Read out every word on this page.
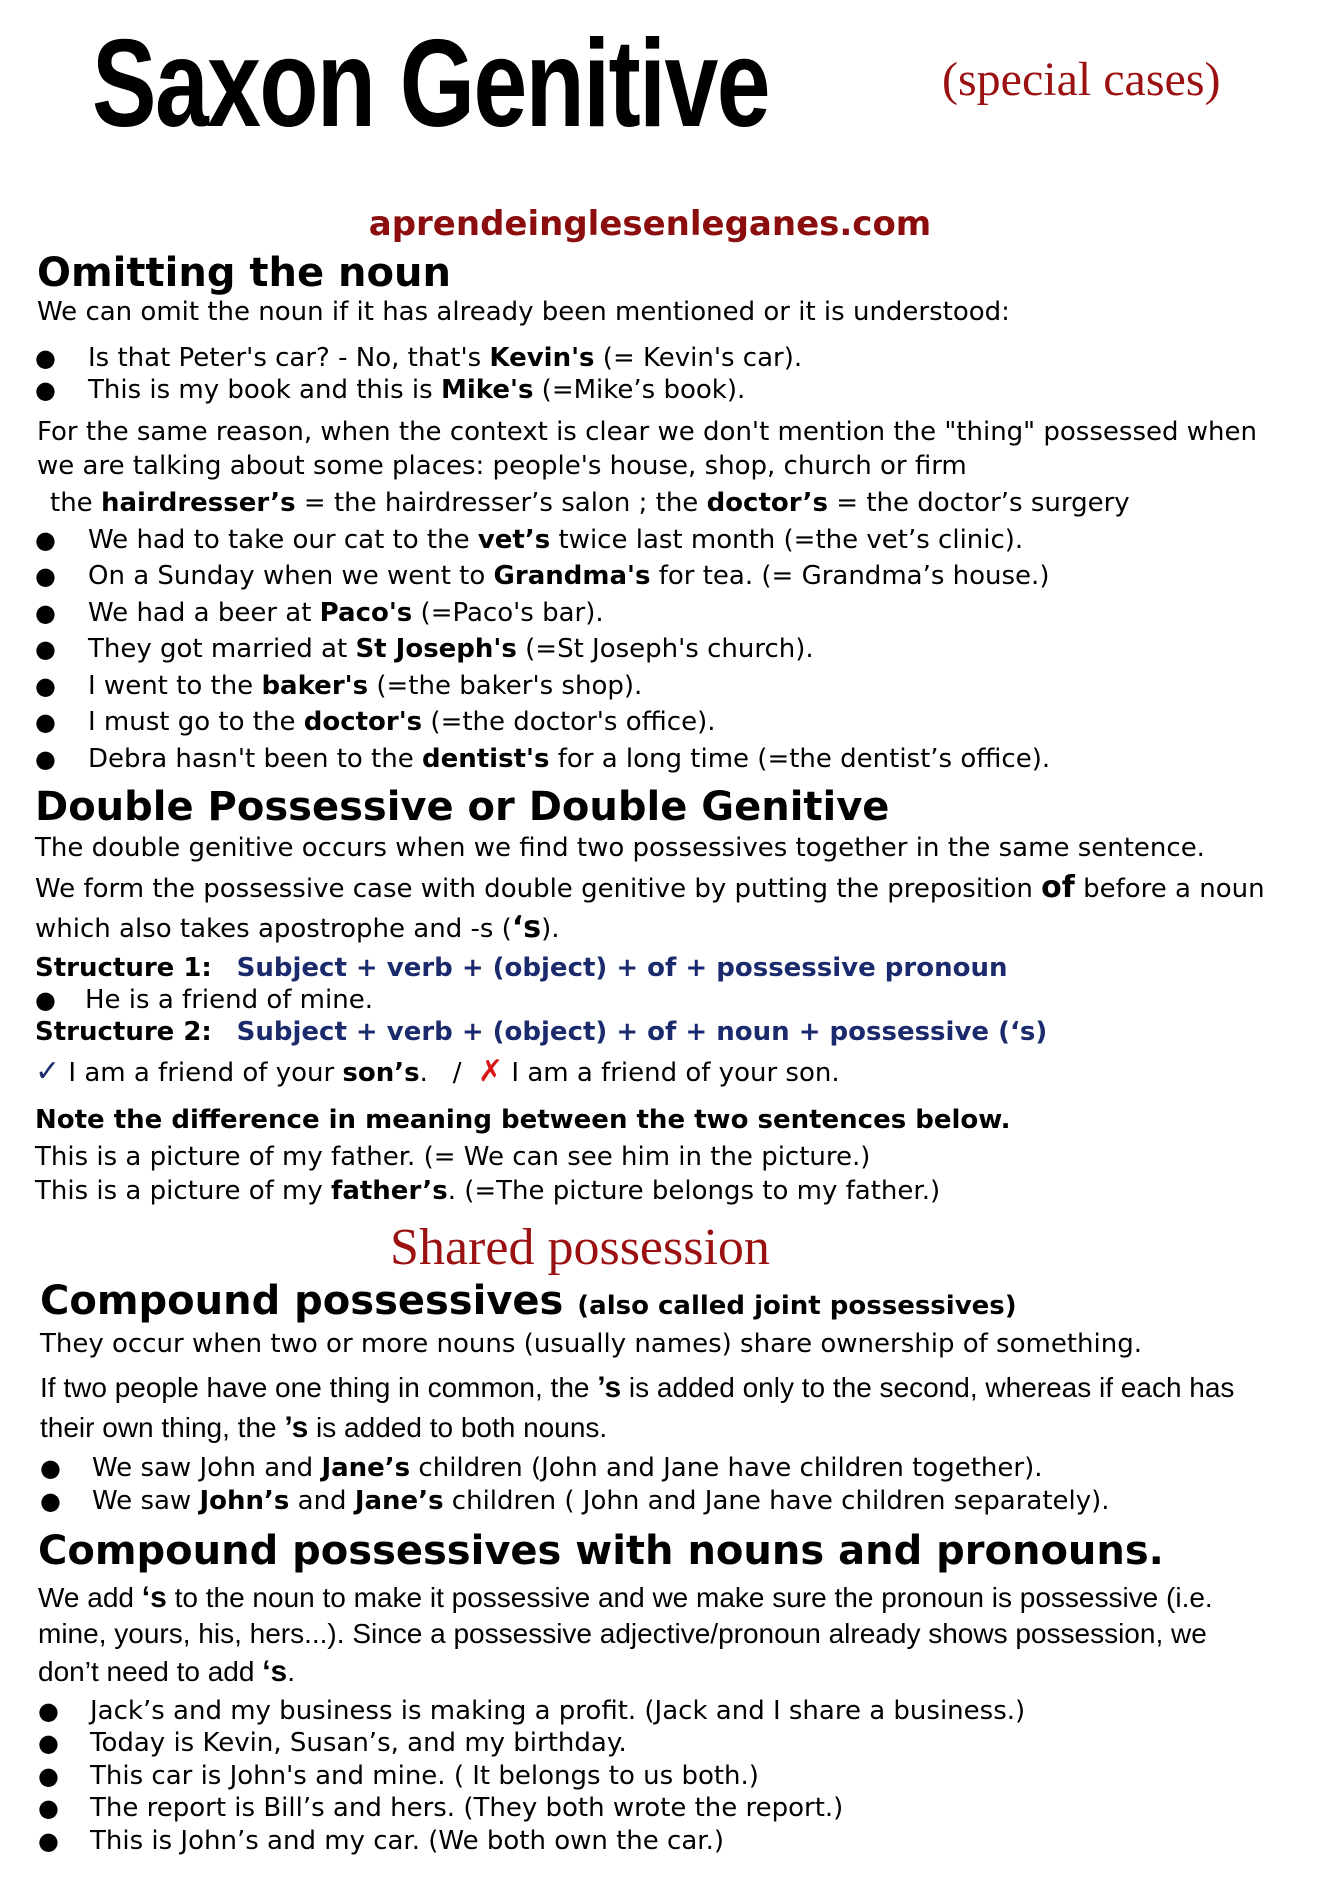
Saxon Genitive	(special cases)
aprendeinglesenleganes.com
Omitting the noun
We can omit the noun if it has already been mentioned or it is understood:
● Is that Peter's car? - No, that's Kevin's (= Kevin's car).
● This is my book and this is Mike's (=Mike’s book).
For the same reason, when the context is clear we don't mention the "thing" possessed when
we are talking about some places: people's house, shop, church or firm
the hairdresser’s = the hairdresser’s salon ; the doctor’s = the doctor’s surgery
● We had to take our cat to the vet’s twice last month (=the vet’s clinic).
● On a Sunday when we went to Grandma's for tea. (= Grandma’s house.)
● We had a beer at Paco's (=Paco's bar).
● They got married at St Joseph's (=St Joseph's church).
● I went to the baker's (=the baker's shop).
● I must go to the doctor's (=the doctor's office).
● Debra hasn't been to the dentist's for a long time (=the dentist’s office).
Double Possessive or Double Genitive
The double genitive occurs when we find two possessives together in the same sentence.
We form the possessive case with double genitive by putting the preposition of before a noun
which also takes apostrophe and -s (‘s).
Structure 1: Subject + verb + (object) + of + possessive pronoun
● He is a friend of mine.
Structure 2: Subject + verb + (object) + of + noun + possessive (‘s)
✓ I am a friend of your son’s. / ✗ I am a friend of your son.
Note the difference in meaning between the two sentences below.
This is a picture of my father. (= We can see him in the picture.)
This is a picture of my father’s. (=The picture belongs to my father.)
Shared possession
Compound possessives (also called joint possessives)
They occur when two or more nouns (usually names) share ownership of something.
If two people have one thing in common, the ’s is added only to the second, whereas if each has
their own thing, the ’s is added to both nouns.
● We saw John and Jane’s children (John and Jane have children together).
● We saw John’s and Jane’s children ( John and Jane have children separately).
Compound possessives with nouns and pronouns.
We add ‘s to the noun to make it possessive and we make sure the pronoun is possessive (i.e.
mine, yours, his, hers...). Since a possessive adjective/pronoun already shows possession, we
don’t need to add ‘s.
● Jack’s and my business is making a profit. (Jack and I share a business.)
● Today is Kevin, Susan’s, and my birthday.
● This car is John's and mine. ( It belongs to us both.)
● The report is Bill’s and hers. (They both wrote the report.)
● This is John’s and my car. (We both own the car.)
